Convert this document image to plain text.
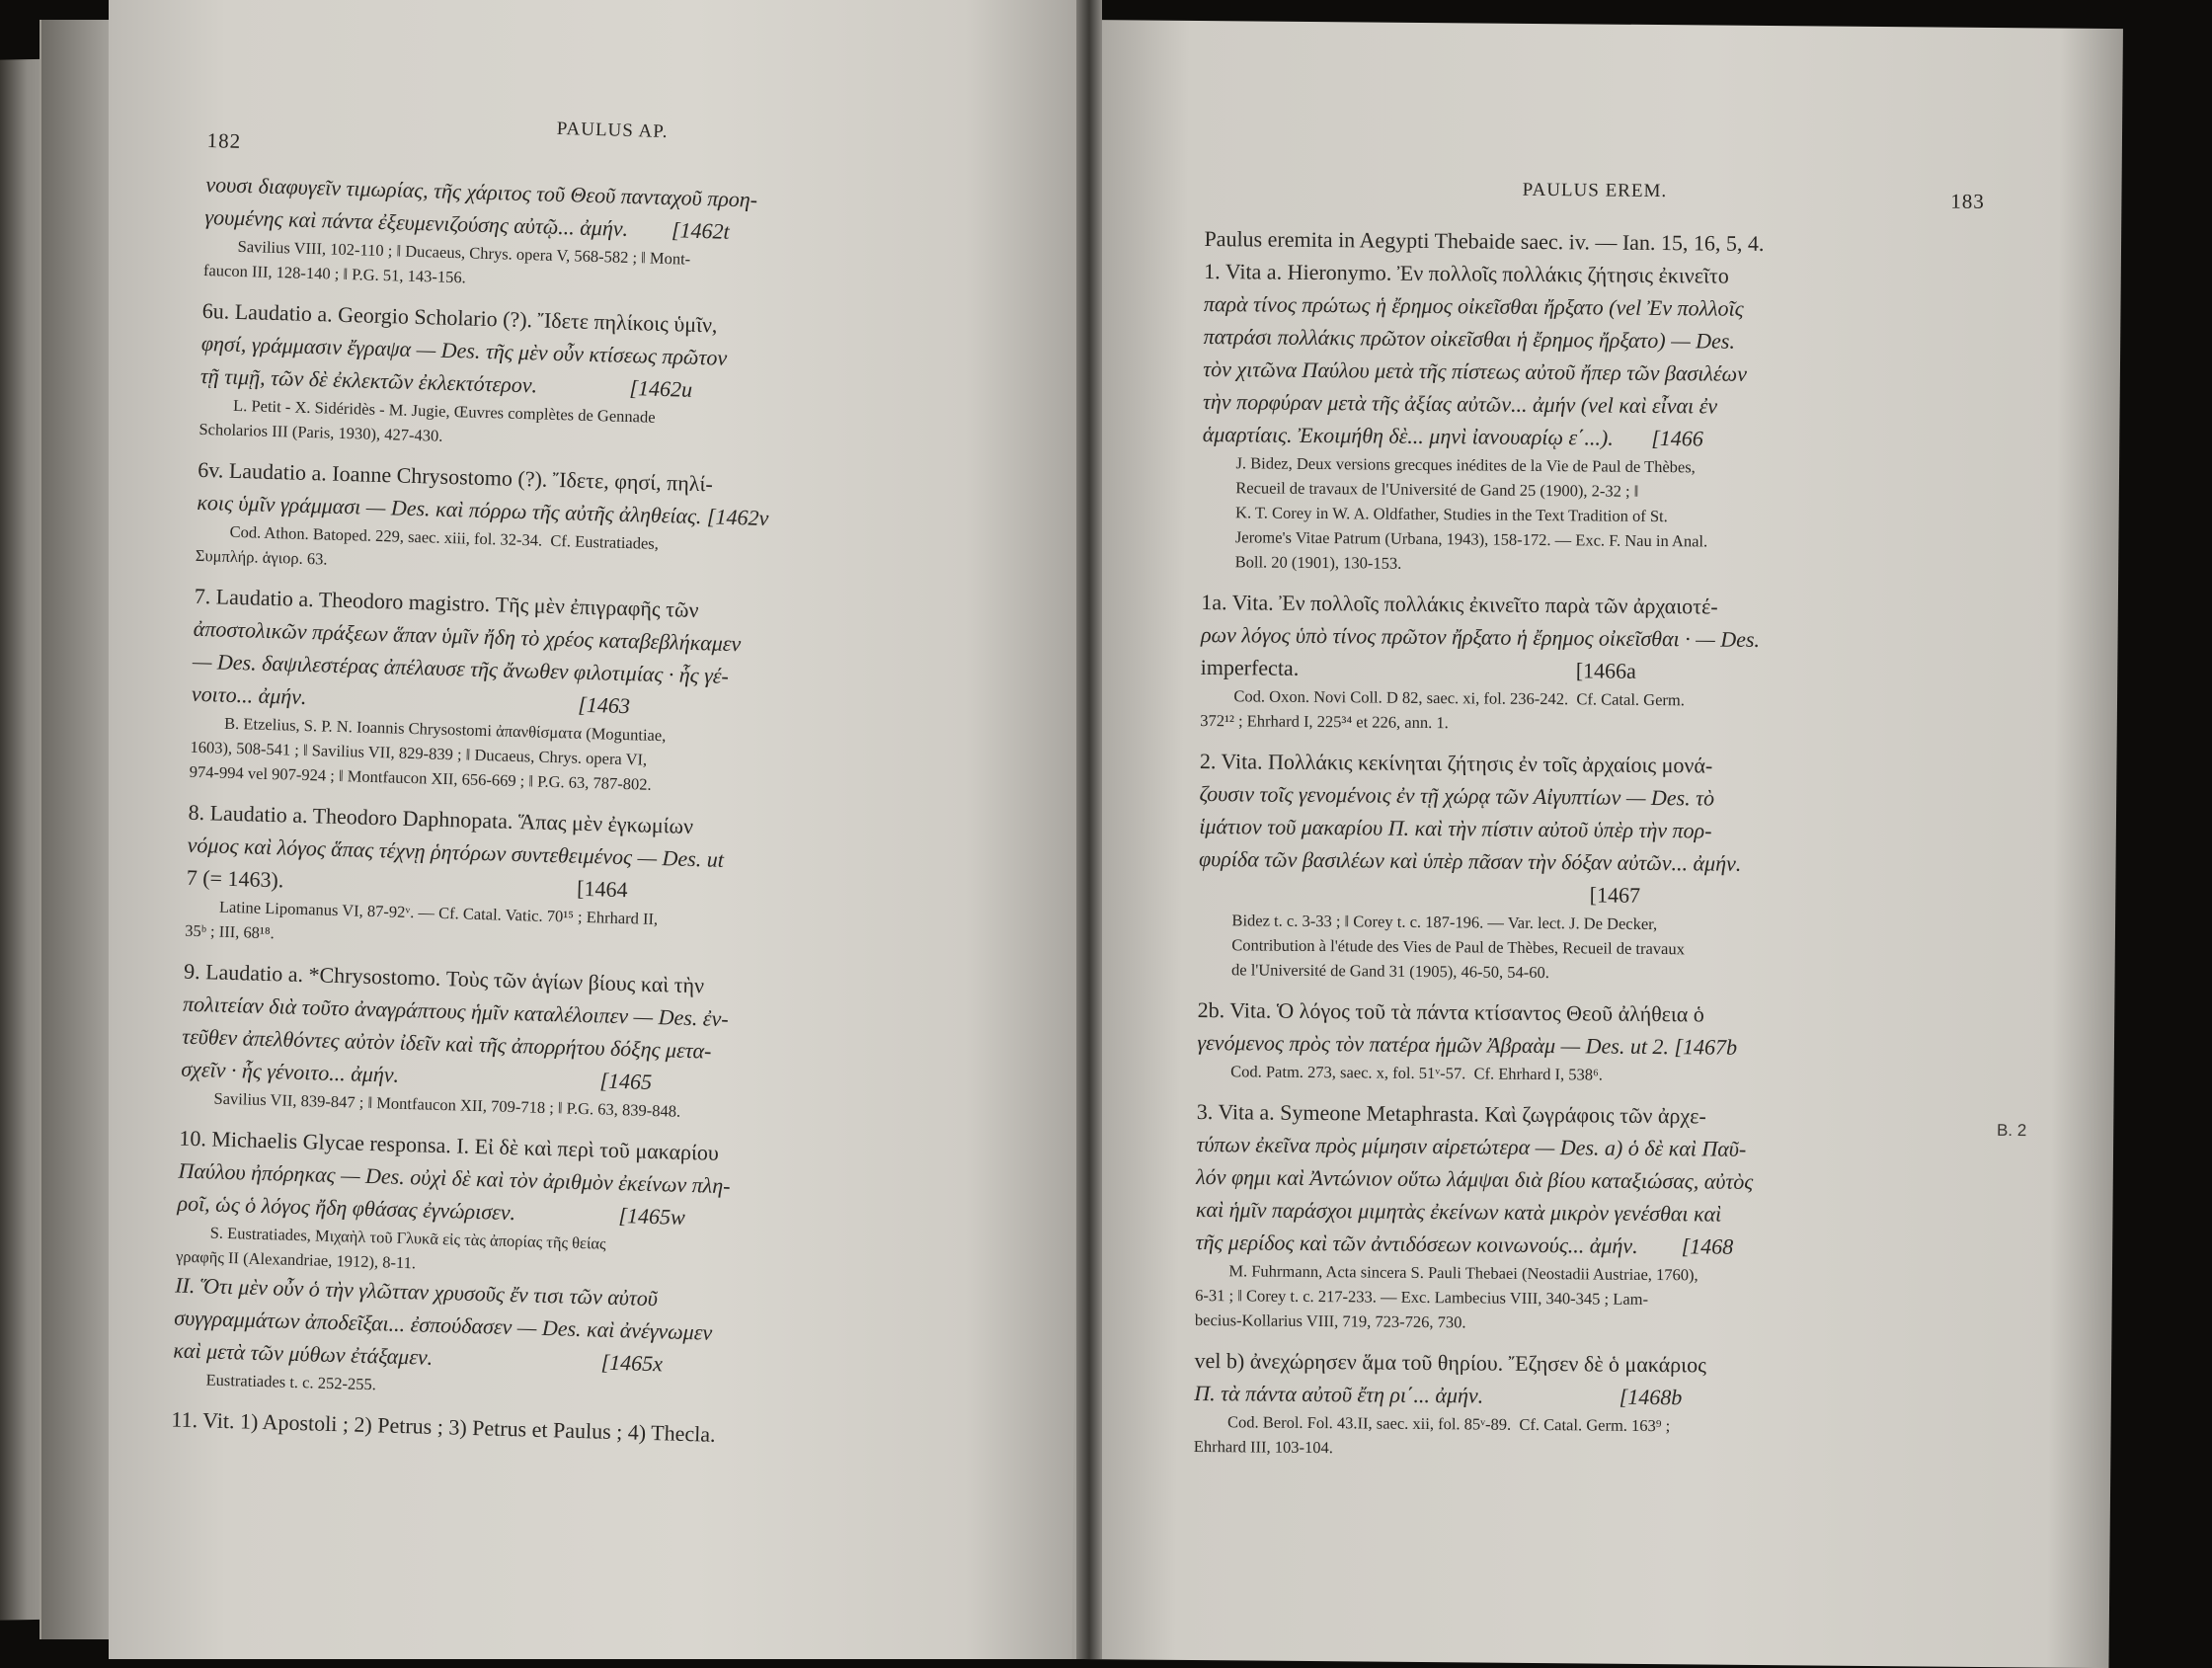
182	PAULUS AP.
νουσι διαφυγεῖν τιμωρίας, τῆς χάριτος τοῦ Θεοῦ πανταχοῦ προη-
γουμένης καὶ πάντα ἐξευμενιζούσης αὐτῷ... ἀμήν.        [1462t
Savilius VIII, 102-110 ; ‖ Ducaeus, Chrys. opera V, 568-582 ; ‖ Mont-
faucon III, 128-140 ; ‖ P.G. 51, 143-156.
6u. Laudatio a. Georgio Scholario (?). Ἴδετε πηλίκοις ὑμῖν,
φησί, γράμμασιν ἔγραψα — Des. τῆς μὲν οὖν κτίσεως πρῶτον
τῇ τιμῇ, τῶν δὲ ἐκλεκτῶν ἐκλεκτότερον.                 [1462u
L. Petit - X. Sidéridès - M. Jugie, Œuvres complètes de Gennade
Scholarios III (Paris, 1930), 427-430.
6v. Laudatio a. Ioanne Chrysostomo (?). Ἴδετε, φησί, πηλί-
κοις ὑμῖν γράμμασι — Des. καὶ πόρρω τῆς αὐτῆς ἀληθείας. [1462v
Cod. Athon. Batoped. 229, saec. xiii, fol. 32-34.  Cf. Eustratiades,
Συμπλήρ. ἁγιορ. 63.
7. Laudatio a. Theodoro magistro. Τῆς μὲν ἐπιγραφῆς τῶν
ἀποστολικῶν πράξεων ἅπαν ὑμῖν ἤδη τὸ χρέος καταβεβλήκαμεν
— Des. δαψιλεστέρας ἀπέλαυσε τῆς ἄνωθεν φιλοτιμίας · ἧς γέ-
νοιτο... ἀμήν.                                                  [1463
B. Etzelius, S. P. N. Ioannis Chrysostomi ἀπανθίσματα (Moguntiae,
1603), 508-541 ; ‖ Savilius VII, 829-839 ; ‖ Ducaeus, Chrys. opera VI,
974-994 vel 907-924 ; ‖ Montfaucon XII, 656-669 ; ‖ P.G. 63, 787-802.
8. Laudatio a. Theodoro Daphnopata. Ἅπας μὲν ἐγκωμίων
νόμος καὶ λόγος ἅπας τέχνῃ ῥητόρων συντεθειμένος — Des. ut
7 (= 1463).                                                      [1464
Latine Lipomanus VI, 87-92ᵛ. — Cf. Catal. Vatic. 70¹⁵ ; Ehrhard II,
35ᵇ ; III, 68¹⁸.
9. Laudatio a. *Chrysostomo. Τοὺς τῶν ἁγίων βίους καὶ τὴν
πολιτείαν διὰ τοῦτο ἀναγράπτους ἡμῖν καταλέλοιπεν — Des. ἐν-
τεῦθεν ἀπελθόντες αὐτὸν ἰδεῖν καὶ τῆς ἀπορρήτου δόξης μετα-
σχεῖν · ἧς γένοιτο... ἀμήν.                                     [1465
Savilius VII, 839-847 ; ‖ Montfaucon XII, 709-718 ; ‖ P.G. 63, 839-848.
10. Michaelis Glycae responsa. I. Εἰ δὲ καὶ περὶ τοῦ μακαρίου
Παύλου ἠπόρηκας — Des. οὐχὶ δὲ καὶ τὸν ἀριθμὸν ἐκείνων πλη-
ρoῖ, ὡς ὁ λόγος ἤδη φθάσας ἐγνώρισεν.                   [1465w
S. Eustratiades, Μιχαὴλ τοῦ Γλυκᾶ εἰς τὰς ἀπορίας τῆς θείας
γραφῆς II (Alexandriae, 1912), 8-11.
II. Ὅτι μὲν οὖν ὁ τὴν γλῶτταν χρυσοῦς ἔν τισι τῶν αὐτοῦ
συγγραμμάτων ἀποδεῖξαι... ἐσπούδασεν — Des. καὶ ἀνέγνωμεν
καὶ μετὰ τῶν μύθων ἐτάξαμεν.                               [1465x
Eustratiades t. c. 252-255.
11. Vit. 1) Apostoli ; 2) Petrus ; 3) Petrus et Paulus ; 4) Thecla.
PAULUS EREM.	183
Paulus eremita in Aegypti Thebaide saec. iv. — Ian. 15, 16, 5, 4.
1. Vita a. Hieronymo. Ἐν πολλοῖς πολλάκις ζήτησις ἐκινεῖτο
παρὰ τίνος πρώτως ἡ ἔρημος οἰκεῖσθαι ἤρξατο (vel Ἐν πολλοῖς
πατράσι πολλάκις πρῶτον οἰκεῖσθαι ἡ ἔρημος ἤρξατο) — Des.
τὸν χιτῶνα Παύλου μετὰ τῆς πίστεως αὐτοῦ ἤπερ τῶν βασιλέων
τὴν πορφύραν μετὰ τῆς ἀξίας αὐτῶν... ἀμήν (vel καὶ εἶναι ἐν
ἁμαρτίαις. Ἐκοιμήθη δὲ... μηνὶ ἰανουαρίῳ ε΄...).       [1466
J. Bidez, Deux versions grecques inédites de la Vie de Paul de Thèbes,
Recueil de travaux de l'Université de Gand 25 (1900), 2-32 ; ‖
K. T. Corey in W. A. Oldfather, Studies in the Text Tradition of St.
Jerome's Vitae Patrum (Urbana, 1943), 158-172. — Exc. F. Nau in Anal.
Boll. 20 (1901), 130-153.
1a. Vita. Ἐν πολλοῖς πολλάκις ἐκινεῖτο παρὰ τῶν ἀρχαιοτέ-
ρων λόγος ὑπὸ τίνος πρῶτον ἤρξατο ἡ ἔρημος οἰκεῖσθαι · — Des.
imperfecta.                                                   [1466a
Cod. Oxon. Novi Coll. D 82, saec. xi, fol. 236-242.  Cf. Catal. Germ.
372¹² ; Ehrhard I, 225³⁴ et 226, ann. 1.
2. Vita. Πολλάκις κεκίνηται ζήτησις ἐν τοῖς ἀρχαίοις μονά-
ζουσιν τοῖς γενομένοις ἐν τῇ χώρᾳ τῶν Αἰγυπτίων — Des. τὸ
ἱμάτιον τοῦ μακαρίου Π. καὶ τὴν πίστιν αὐτοῦ ὑπὲρ τὴν πορ-
φυρίδα τῶν βασιλέων καὶ ὑπὲρ πᾶσαν τὴν δόξαν αὐτῶν... ἀμήν.
[1467
Bidez t. c. 3-33 ; ‖ Corey t. c. 187-196. — Var. lect. J. De Decker,
Contribution à l'étude des Vies de Paul de Thèbes, Recueil de travaux
de l'Université de Gand 31 (1905), 46-50, 54-60.
2b. Vita. Ὁ λόγος τοῦ τὰ πάντα κτίσαντος Θεοῦ ἀλήθεια ὁ
γενόμενος πρὸς τὸν πατέρα ἡμῶν Ἀβραὰμ — Des. ut 2. [1467b
Cod. Patm. 273, saec. x, fol. 51ᵛ-57.  Cf. Ehrhard I, 538⁶.
3. Vita a. Symeone Metaphrasta. Καὶ ζωγράφοις τῶν ἀρχε-
τύπων ἐκεῖνα πρὸς μίμησιν αἱρετώτερα — Des. a) ὁ δὲ καὶ Παῦ-
λόν φημι καὶ Ἀντώνιον οὕτω λάμψαι διὰ βίου καταξιώσας, αὐτὸς
καὶ ἡμῖν παράσχοι μιμητὰς ἐκείνων κατὰ μικρὸν γενέσθαι καὶ
τῆς μερίδος καὶ τῶν ἀντιδόσεων κοινωνούς... ἀμήν.        [1468
M. Fuhrmann, Acta sincera S. Pauli Thebaei (Neostadii Austriae, 1760),
6-31 ; ‖ Corey t. c. 217-233. — Exc. Lambecius VIII, 340-345 ; Lam-
becius-Kollarius VIII, 719, 723-726, 730.
vel b) ἀνεχώρησεν ἅμα τοῦ θηρίου. Ἔζησεν δὲ ὁ μακάριος
Π. τὰ πάντα αὐτοῦ ἔτη ρι΄... ἀμήν.                         [1468b
Cod. Berol. Fol. 43.II, saec. xii, fol. 85ᵛ-89.  Cf. Catal. Germ. 163⁹ ;
Ehrhard III, 103-104.
B. 2
